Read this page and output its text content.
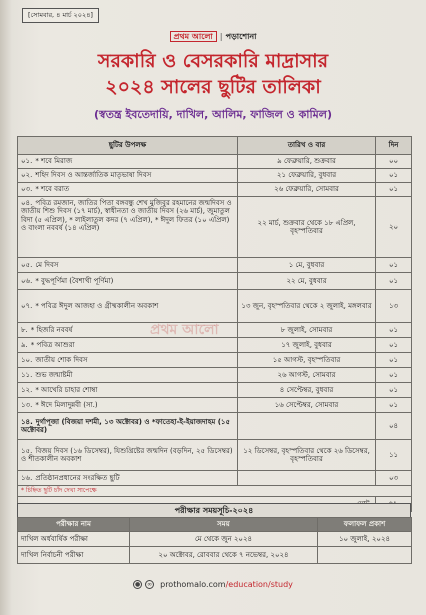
[সোমবার, ৪ মার্চ ২০২৪]
প্রথম আলো | পড়াশোনা
সরকারি ও বেসরকারি মাদ্রাসার
২০২৪ সালের ছুটির তালিকা
(স্বতন্ত্র ইবতেদায়ি, দাখিল, আলিম, ফাজিল ও কামিল)
ছুটির উপলক্ষ	তারিখ ও বার	দিন

০১. * শবে মিরাজ	৯ ফেব্রুয়ারি, শুক্রবার	০০

০২. শহিদ দিবস ও আন্তর্জাতিক মাতৃভাষা দিবস	২১ ফেব্রুয়ারি, বুধবার	০১

০৩. * শবে বরাত	২৬ ফেব্রুয়ারি, সোমবার	০১

০৪. পবিত্র রমজান, জাতির পিতা বঙ্গবন্ধু শেখ মুজিবুর রহমানের জন্মদিবস ও জাতীয় শিশু দিবস (১৭ মার্চ), স্বাধীনতা ও জাতীয় দিবস (২৬ মার্চ), জুমাতুল বিদা (৫ এপ্রিল), * লাইলাতুল কদর (৭ এপ্রিল), * ঈদুল ফিতর (১০ এপ্রিল) ও বাংলা নববর্ষ (১৪ এপ্রিল)	২২ মার্চ, শুক্রবার থেকে ১৮ এপ্রিল, বৃহস্পতিবার	২০

০৫. মে দিবস	১ মে, বুধবার	০১

০৬. * বুদ্ধপূর্ণিমা (বৈশাখী পূর্ণিমা)	২২ মে, বুধবার	০১

০৭. * পবিত্র ঈদুল আজহা ও গ্রীষ্মকালীন অবকাশ	১৩ জুন, বৃহস্পতিবার থেকে ২ জুলাই, মঙ্গলবার	১৩

৮. * হিজরি নববর্ষ	৮ জুলাই, সোমবার	০১

৯. * পবিত্র আশুরা	১৭ জুলাই, বুধবার	০১

১০. জাতীয় শোক দিবস	১৫ আগস্ট, বৃহস্পতিবার	০১

১১. শুভ জন্মাষ্টমী	২৬ আগস্ট, সোমবার	০১

১২. * আখেরি চাহার শোম্বা	৪ সেপ্টেম্বর, বুধবার	০১

১৩. * ঈদে মিলাদুন্নবী (সা.)	১৬ সেপ্টেম্বর, সোমবার	০১

১৪. দুর্গাপূজা (বিজয়া দশমী, ১৩ অক্টোবর) ও *ফাতেহা-ই-ইয়াজদাহম (১৫ অক্টোবর)		০৪

১৫. বিজয় দিবস (১৬ ডিসেম্বর), যিশুখ্রিষ্টের জন্মদিন (বড়দিন, ২৫ ডিসেম্বর) ও শীতকালীন অবকাশ	১২ ডিসেম্বর, বৃহস্পতিবার থেকে ২৬ ডিসেম্বর, বৃহস্পতিবার	১১

১৬. প্রতিষ্ঠানপ্রধানের সংরক্ষিত ছুটি		০৩

* চিহ্নিত ছুটি চাঁদ দেখা সাপেক্ষে		

প্রথম আলো
পরীক্ষার সময়সূচি-২০২৪
পরীক্ষার নাম	সময়	ফলাফল প্রকাশ

দাখিল অর্ধবার্ষিক পরীক্ষা	মে থেকে জুন ২০২৪	১০ জুলাই, ২০২৪

দাখিল নির্বাচনী পরীক্ষা	২০ অক্টোবর, রোববার থেকে ৭ নভেম্বর, ২০২৪	

●	∞ prothomalo.com/education/study
